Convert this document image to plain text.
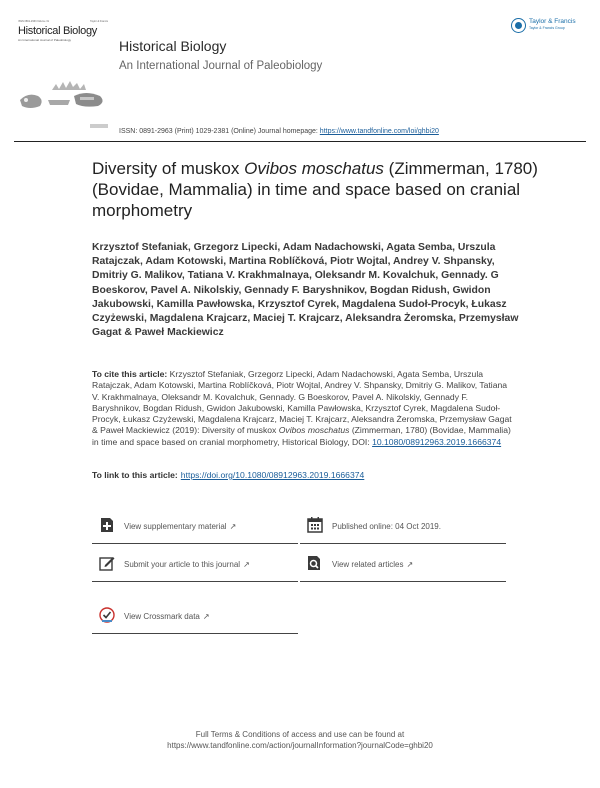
ISSN 0891-2963 Volume 31	Taylor & Francis
Historical Biology
An International Journal of Paleobiology	Historical Biology
An International Journal of Paleobiology
Taylor & Francis
Taylor & Francis Group
ISSN: 0891-2963 (Print) 1029-2381 (Online) Journal homepage: https://www.tandfonline.com/loi/ghbi20
Diversity of muskox Ovibos moschatus (Zimmerman, 1780) (Bovidae, Mammalia) in time and space based on cranial morphometry
Krzysztof Stefaniak, Grzegorz Lipecki, Adam Nadachowski, Agata Semba, Urszula Ratajczak, Adam Kotowski, Martina Roblíčková, Piotr Wojtal, Andrey V. Shpansky, Dmitriy G. Malikov, Tatiana V. Krakhmalnaya, Oleksandr M. Kovalchuk, Gennady. G Boeskorov, Pavel A. Nikolskiy, Gennady F. Baryshnikov, Bogdan Ridush, Gwidon Jakubowski, Kamilla Pawłowska, Krzysztof Cyrek, Magdalena Sudoł-Procyk, Łukasz Czyżewski, Magdalena Krajcarz, Maciej T. Krajcarz, Aleksandra Żeromska, Przemysław Gagat & Paweł Mackiewicz
To cite this article: Krzysztof Stefaniak, Grzegorz Lipecki, Adam Nadachowski, Agata Semba, Urszula Ratajczak, Adam Kotowski, Martina Roblíčková, Piotr Wojtal, Andrey V. Shpansky, Dmitriy G. Malikov, Tatiana V. Krakhmalnaya, Oleksandr M. Kovalchuk, Gennady. G Boeskorov, Pavel A. Nikolskiy, Gennady F. Baryshnikov, Bogdan Ridush, Gwidon Jakubowski, Kamilla Pawłowska, Krzysztof Cyrek, Magdalena Sudoł-Procyk, Łukasz Czyżewski, Magdalena Krajcarz, Maciej T. Krajcarz, Aleksandra Żeromska, Przemysław Gagat & Paweł Mackiewicz (2019): Diversity of muskox Ovibos moschatus (Zimmerman, 1780) (Bovidae, Mammalia) in time and space based on cranial morphometry, Historical Biology, DOI: 10.1080/08912963.2019.1666374
To link to this article: https://doi.org/10.1080/08912963.2019.1666374
View supplementary material ↗	Published online: 04 Oct 2019.
Submit your article to this journal ↗	View related articles ↗
View Crossmark data ↗
Full Terms & Conditions of access and use can be found at
https://www.tandfonline.com/action/journalInformation?journalCode=ghbi20
